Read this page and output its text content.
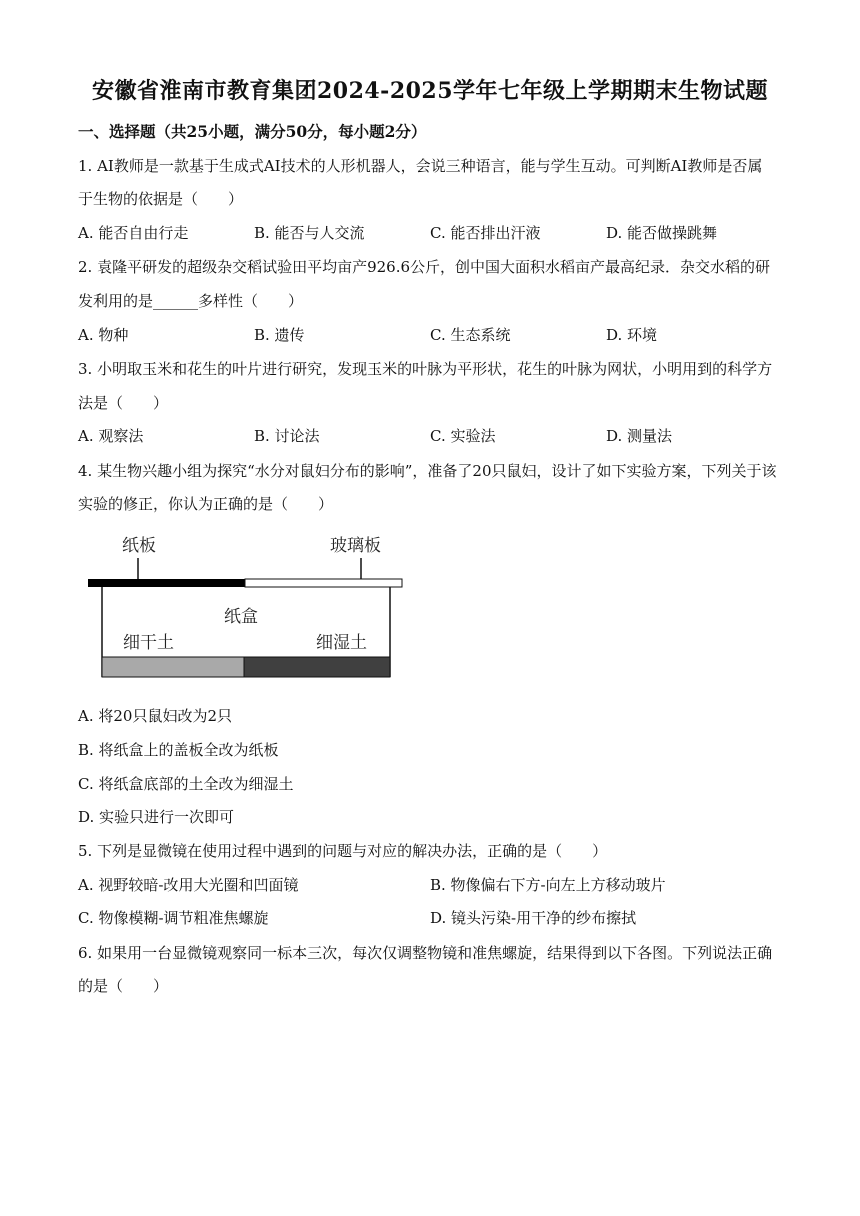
安徽省淮南市教育集团2024-2025学年七年级上学期期末生物试题
一、选择题（共25小题，满分50分，每小题2分）
1. AI教师是一款基于生成式AI技术的人形机器人，会说三种语言，能与学生互动。可判断AI教师是否属
于生物的依据是（　　）
A. 能否自由行走	B. 能否与人交流	C. 能否排出汗液	D. 能否做操跳舞
2. 袁隆平研发的超级杂交稻试验田平均亩产926.6公斤，创中国大面积水稻亩产最高纪录．杂交水稻的研
发利用的是______多样性（　　）
A. 物种	B. 遗传	C. 生态系统	D. 环境
3. 小明取玉米和花生的叶片进行研究，发现玉米的叶脉为平形状，花生的叶脉为网状，小明用到的科学方
法是（　　）
A. 观察法	B. 讨论法	C. 实验法	D. 测量法
4. 某生物兴趣小组为探究“水分对鼠妇分布的影响”，准备了20只鼠妇，设计了如下实验方案，下列关于该
实验的修正，你认为正确的是（　　）
纸板	玻璃板
纸盒
细干土	细湿土
A. 将20只鼠妇改为2只
B. 将纸盒上的盖板全改为纸板
C. 将纸盒底部的土全改为细湿土
D. 实验只进行一次即可
5. 下列是显微镜在使用过程中遇到的问题与对应的解决办法，正确的是（　　）
A. 视野较暗-改用大光圈和凹面镜	B. 物像偏右下方-向左上方移动玻片
C. 物像模糊-调节粗准焦螺旋	D. 镜头污染-用干净的纱布擦拭
6. 如果用一台显微镜观察同一标本三次，每次仅调整物镜和准焦螺旋，结果得到以下各图。下列说法正确
的是（　　）
